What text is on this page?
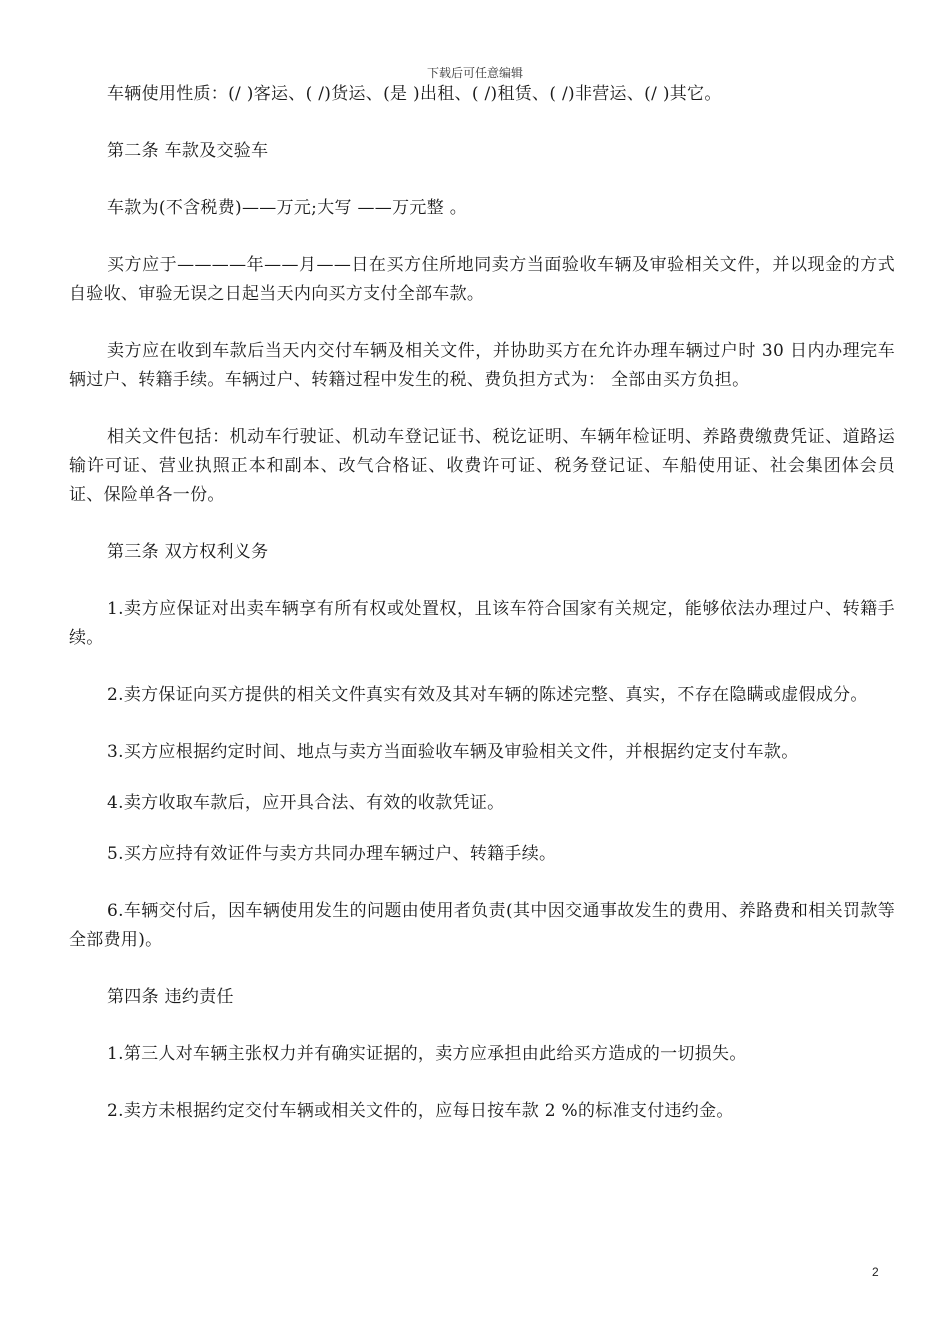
下载后可任意编辑

车辆使用性质：(/ )客运、( /)货运、(是 )出租、( /)租赁、( /)非营运、(/ )其它。

第二条 车款及交验车

车款为(不含税费)——万元;大写 ——万元整 。

买方应于————年——月——日在买方住所地同卖方当面验收车辆及审验相关文件，并以现金的方式自验收、审验无误之日起当天内向买方支付全部车款。

卖方应在收到车款后当天内交付车辆及相关文件，并协助买方在允许办理车辆过户时 30 日内办理完车辆过户、转籍手续。车辆过户、转籍过程中发生的税、费负担方式为： 全部由买方负担。

相关文件包括：机动车行驶证、机动车登记证书、税讫证明、车辆年检证明、养路费缴费凭证、道路运输许可证、营业执照正本和副本、改气合格证、收费许可证、税务登记证、车船使用证、社会集团体会员证、保险单各一份。

第三条 双方权利义务

1.卖方应保证对出卖车辆享有所有权或处置权，且该车符合国家有关规定，能够依法办理过户、转籍手续。

2.卖方保证向买方提供的相关文件真实有效及其对车辆的陈述完整、真实，不存在隐瞒或虚假成分。

3.买方应根据约定时间、地点与卖方当面验收车辆及审验相关文件，并根据约定支付车款。

4.卖方收取车款后，应开具合法、有效的收款凭证。

5.买方应持有效证件与卖方共同办理车辆过户、转籍手续。

6.车辆交付后，因车辆使用发生的问题由使用者负责(其中因交通事故发生的费用、养路费和相关罚款等全部费用)。

第四条 违约责任

1.第三人对车辆主张权力并有确实证据的，卖方应承担由此给买方造成的一切损失。

2.卖方未根据约定交付车辆或相关文件的，应每日按车款 2 %的标准支付违约金。

2
